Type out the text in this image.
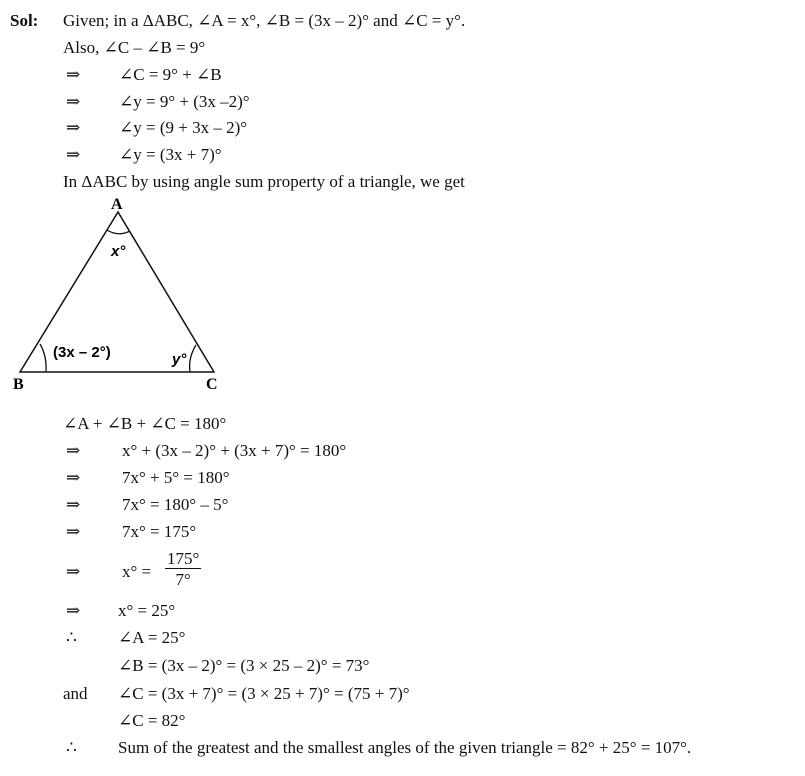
Sol: Given; in a ΔABC, ∠A = x°, ∠B = (3x – 2)° and ∠C = y°.
Also, ∠C – ∠B = 9°
⇒ ∠C = 9° + ∠B
⇒ ∠y = 9° + (3x –2)°
⇒ ∠y = (9 + 3x – 2)°
⇒ ∠y = (3x + 7)°
In ΔABC by using angle sum property of a triangle, we get
A
B	C
x°
(3x – 2°)	y°
∠A + ∠B + ∠C = 180°
⇒ x° + (3x – 2)° + (3x + 7)° = 180°
⇒ 7x° + 5° = 180°
⇒ 7x° = 180° – 5°
⇒ 7x° = 175°
⇒ $x^\circ = \frac{175^\circ}{7^\circ}$
⇒ x° = 25°
∴ ∠A = 25°
∠B = (3x – 2)° = (3 × 25 – 2)° = 73°
and ∠C = (3x + 7)° = (3 × 25 + 7)° = (75 + 7)°
∠C = 82°
∴ Sum of the greatest and the smallest angles of the given triangle = 82° + 25° = 107°.
